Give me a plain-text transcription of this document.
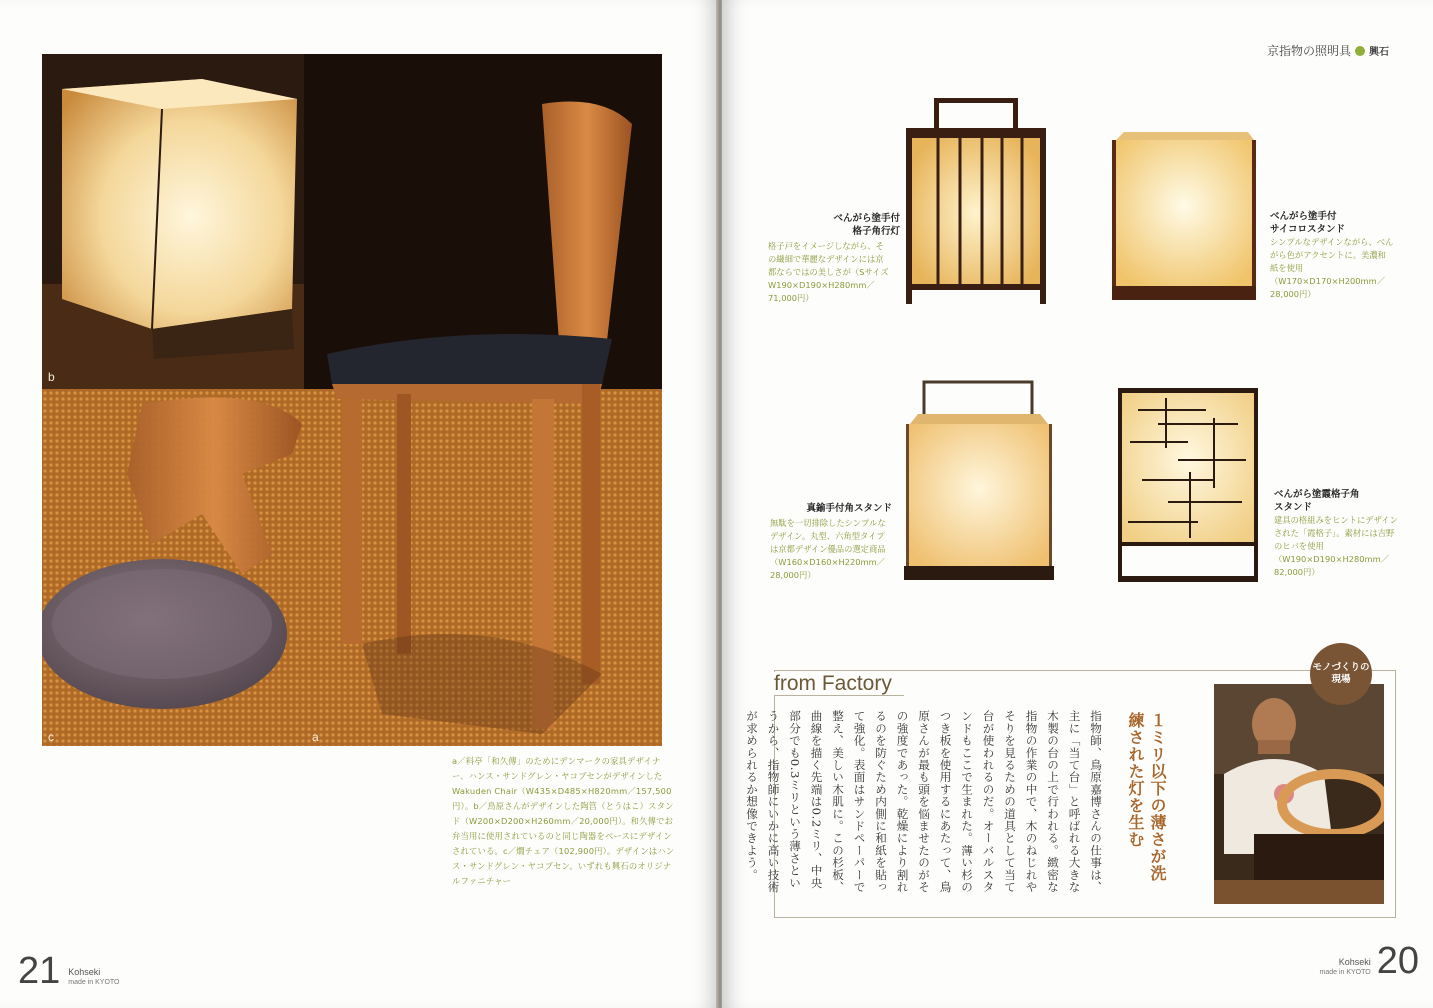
b
c	a

a／料亭「和久傳」のためにデンマークの家具デザイナー、ハンス・サンドグレン・ヤコブセンがデザインしたWakuden Chair（W435×D485×H820mm／157,500円）。b／鳥原さんがデザインした陶筥（とうはこ）スタンド（W200×D200×H260mm／20,000円）。和久傳でお弁当用に使用されているのと同じ陶器をベースにデザインされている。c／燗チェア（102,900円）。デザインはハンス・サンドグレン・ヤコブセン。いずれも興石のオリジナルファニチャー

21 Kohseki
made in KYOTO
京指物の照明具 興石
べんがら塗手付
格子角行灯
格子戸をイメージしながら、その繊細で華麗なデザインには京都ならではの美しさが（Sサイズ W190×D190×H280mm／71,000円）
べんがら塗手付
サイコロスタンド
シンプルなデザインながら、べんがら色がアクセントに。美濃和紙を使用（W170×D170×H200mm／28,000円）
真鍮手付角スタンド
無駄を一切排除したシンプルなデザイン。丸型、六角型タイプは京都デザイン優品の選定商品（W160×D160×H220mm／28,000円）
べんがら塗霞格子角
スタンド
建具の格組みをヒントにデザインされた「霞格子」。素材には吉野のヒバを使用（W190×D190×H280mm／82,000円）
from Factory
モノづくりの
現場
１ミリ以下の薄さが洗練された灯を生む
指物師、鳥原嘉博さんの仕事は、主に「当て台」と呼ばれる大きな木製の台の上で行われる。緻密な指物の作業の中で、木のねじれやそりを見るための道具として当て台が使われるのだ。オーバルスタンドもここで生まれた。薄い杉のつき板を使用するにあたって、鳥原さんが最も頭を悩ませたのがその強度であった。乾燥により割れるのを防ぐため内側に和紙を貼って強化。表面はサンドペーパーで整え、美しい木肌に。この杉板、曲線を描く先端は0.2ミリ、中央部分でも0.3ミリという薄さというから、指物師にいかに高い技術が求められるか想像できよう。
Kohseki
made in KYOTO 20
